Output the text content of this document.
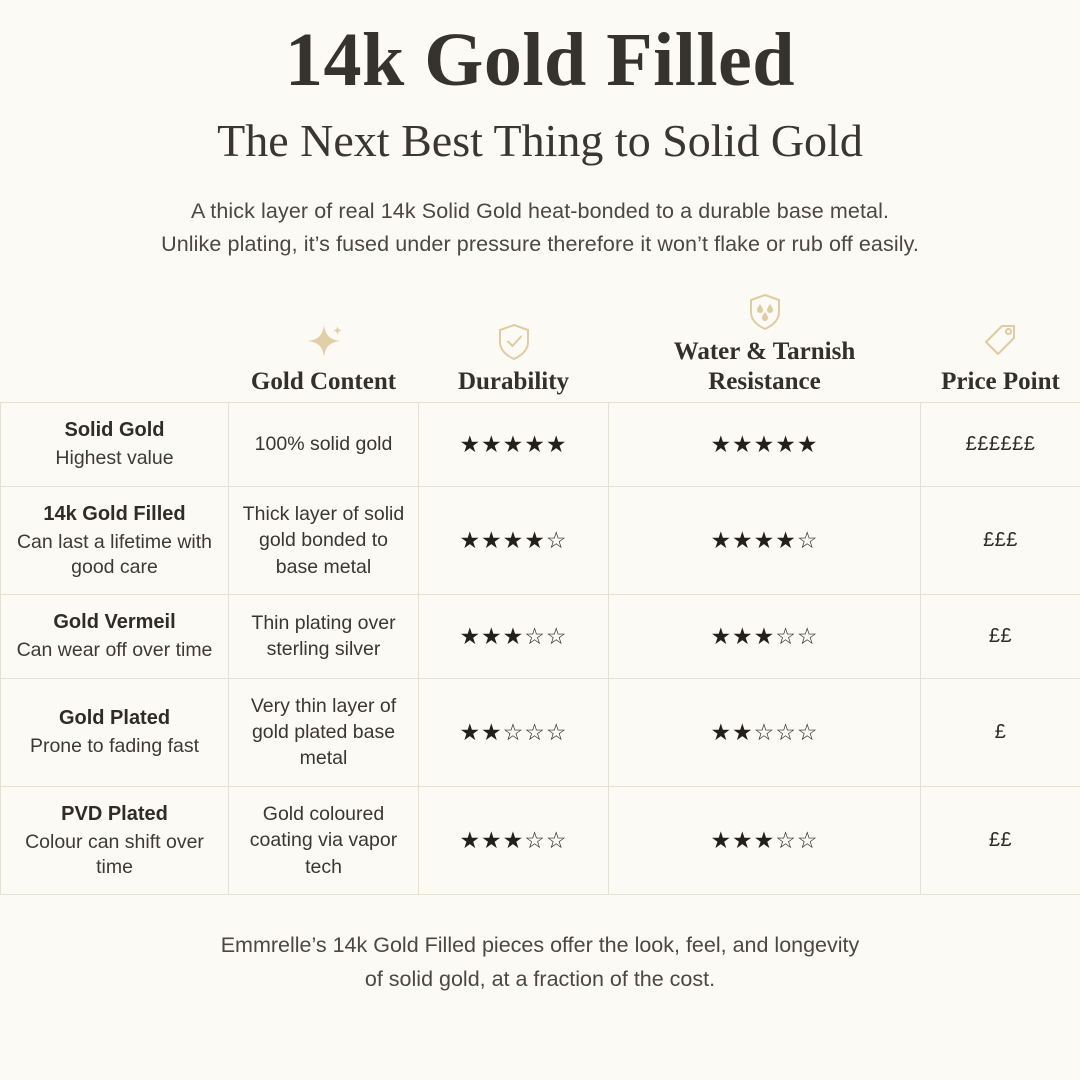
14k Gold Filled
The Next Best Thing to Solid Gold

A thick layer of real 14k Solid Gold heat-bonded to a durable base metal.
Unlike plating, it’s fused under pressure therefore it won’t flake or rub off easily.

Gold Content	Durability	Water & Tarnish Resistance	Price Point

Solid Gold
Highest value	100% solid gold	★★★★★	★★★★★	££££££

14k Gold Filled
Can last a lifetime with good care	Thick layer of solid gold bonded to base metal	★★★★☆	★★★★☆	£££

Gold Vermeil
Can wear off over time	Thin plating over sterling silver	★★★☆☆	★★★☆☆	££

Gold Plated
Prone to fading fast	Very thin layer of gold plated base metal	★★☆☆☆	★★☆☆☆	£

PVD Plated
Colour can shift over time	Gold coloured coating via vapor tech	★★★☆☆	★★★☆☆	££
Emmrelle’s 14k Gold Filled pieces offer the look, feel, and longevity
of solid gold, at a fraction of the cost.
